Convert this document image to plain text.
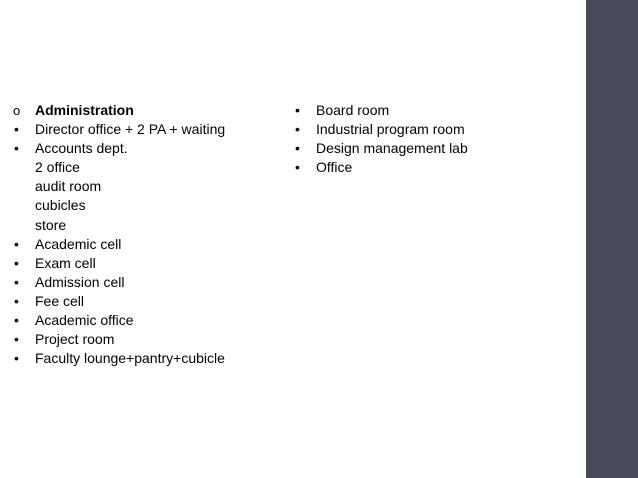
o	Administration
•	Director office + 2 PA + waiting
•	Accounts dept.
2 office
audit room
cubicles
store
•	Academic cell
•	Exam cell
•	Admission cell
•	Fee cell
•	Academic office
•	Project room
•	Faculty lounge+pantry+cubicle
•	Board room
•	Industrial program room
•	Design management lab
•	Office
